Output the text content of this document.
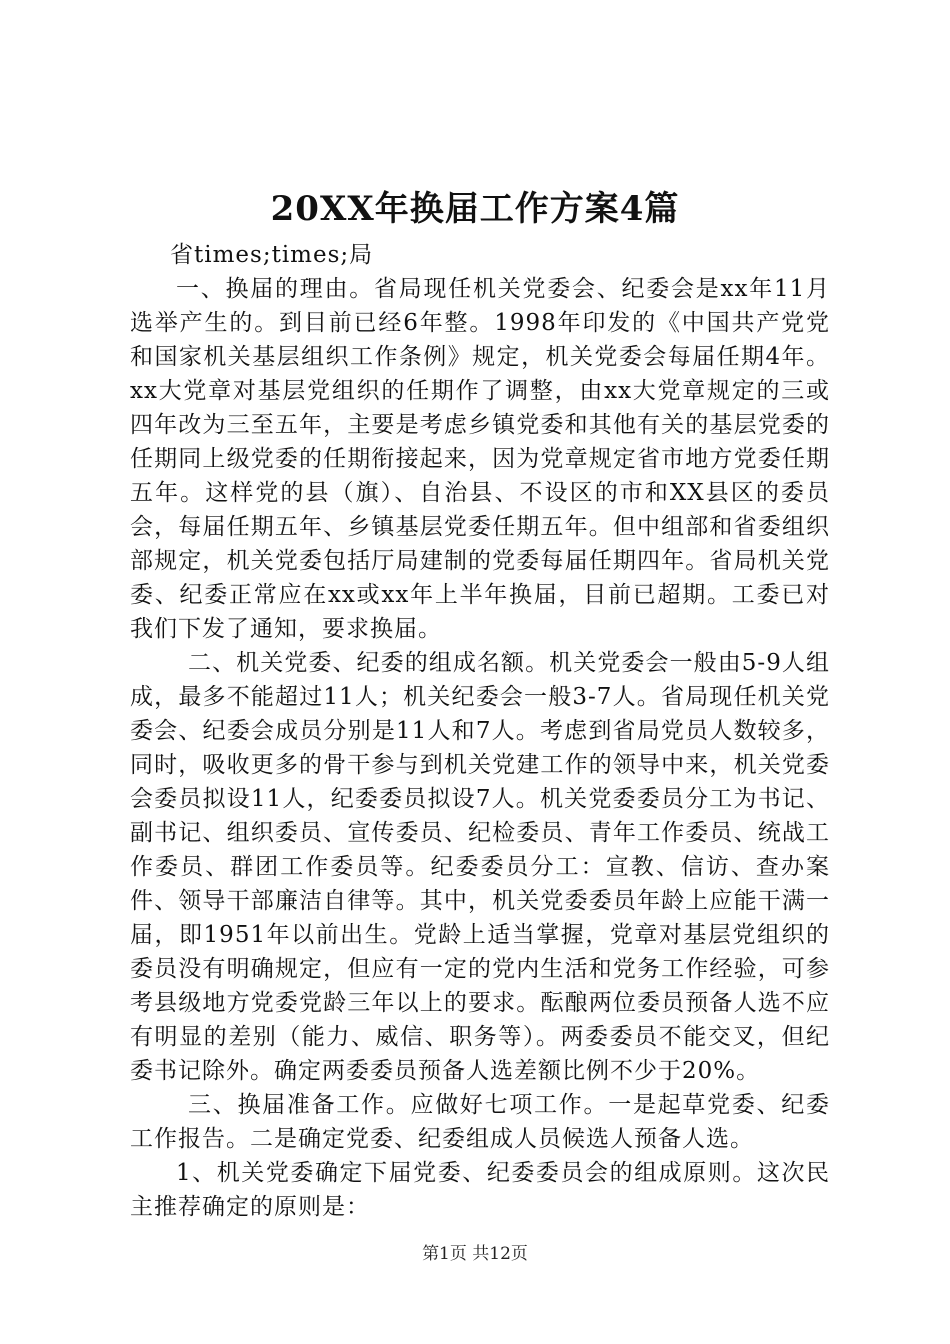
20XX年换届工作方案4篇

省times;times;局

一、换届的理由。省局现任机关党委会、纪委会是xx年11月选举产生的。到目前已经6年整。1998年印发的《中国共产党党和国家机关基层组织工作条例》规定，机关党委会每届任期4年。xx大党章对基层党组织的任期作了调整，由xx大党章规定的三或四年改为三至五年，主要是考虑乡镇党委和其他有关的基层党委的任期同上级党委的任期衔接起来，因为党章规定省市地方党委任期五年。这样党的县（旗）、自治县、不设区的市和XX县区的委员会，每届任期五年、乡镇基层党委任期五年。但中组部和省委组织部规定，机关党委包括厅局建制的党委每届任期四年。省局机关党委、纪委正常应在xx或xx年上半年换届，目前已超期。工委已对我们下发了通知，要求换届。

二、机关党委、纪委的组成名额。机关党委会一般由5-9人组成，最多不能超过11人；机关纪委会一般3-7人。省局现任机关党委会、纪委会成员分别是11人和7人。考虑到省局党员人数较多，同时，吸收更多的骨干参与到机关党建工作的领导中来，机关党委会委员拟设11人，纪委委员拟设7人。机关党委委员分工为书记、副书记、组织委员、宣传委员、纪检委员、青年工作委员、统战工作委员、群团工作委员等。纪委委员分工：宣教、信访、查办案件、领导干部廉洁自律等。其中，机关党委委员年龄上应能干满一届，即1951年以前出生。党龄上适当掌握，党章对基层党组织的委员没有明确规定，但应有一定的党内生活和党务工作经验，可参考县级地方党委党龄三年以上的要求。酝酿两位委员预备人选不应有明显的差别（能力、威信、职务等）。两委委员不能交叉，但纪委书记除外。确定两委委员预备人选差额比例不少于20%。

三、换届准备工作。应做好七项工作。一是起草党委、纪委工作报告。二是确定党委、纪委组成人员候选人预备人选。

1、机关党委确定下届党委、纪委委员会的组成原则。这次民主推荐确定的原则是：

第1页 共12页
